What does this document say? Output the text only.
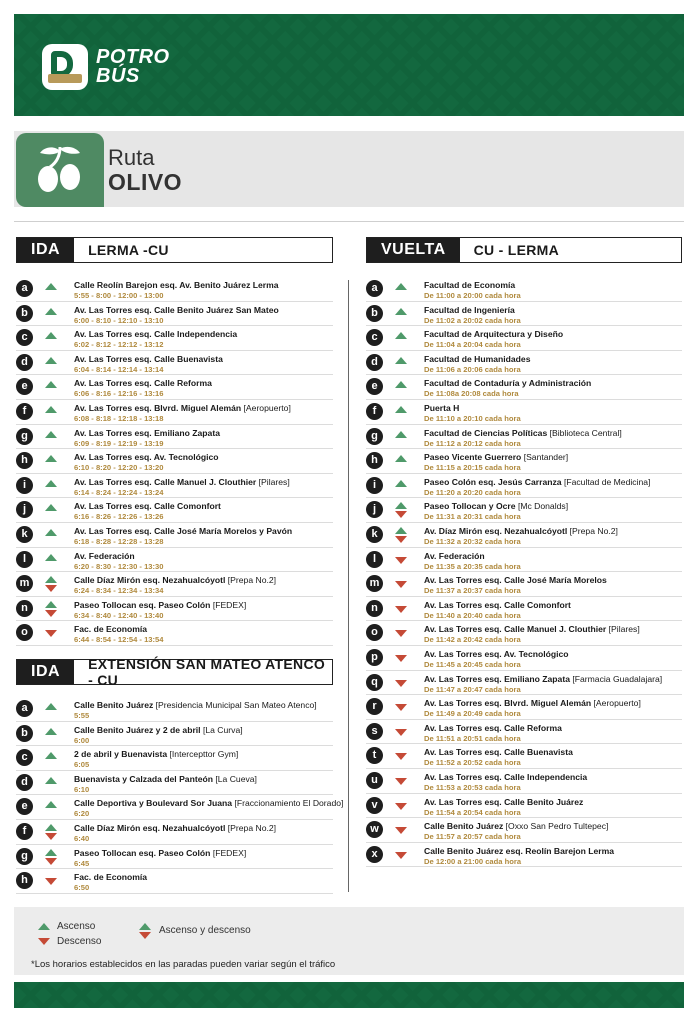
POTRO
BÚS
Ruta
OLIVO
IDA	LERMA -CU
a	Calle Reolín Barejon esq. Av. Benito Juárez Lerma
5:55 - 8:00 - 12:00 - 13:00
b	Av. Las Torres esq. Calle Benito Juárez San Mateo
6:00 - 8:10 - 12:10 - 13:10
c	Av. Las Torres esq. Calle Independencia
6:02 - 8:12 - 12:12 - 13:12
d	Av. Las Torres esq. Calle Buenavista
6:04 - 8:14 - 12:14 - 13:14
e	Av. Las Torres esq. Calle Reforma
6:06 - 8:16 - 12:16 - 13:16
f	Av. Las Torres esq. Blvrd. Miguel Alemán [Aeropuerto]
6:08 - 8:18 - 12:18 - 13:18
g	Av. Las Torres esq. Emiliano Zapata
6:09 - 8:19 - 12:19 - 13:19
h	Av. Las Torres esq. Av. Tecnológico
6:10 - 8:20 - 12:20 - 13:20
i	Av. Las Torres esq. Calle Manuel J. Clouthier [Pilares]
6:14 - 8:24 - 12:24 - 13:24
j	Av. Las Torres esq. Calle Comonfort
6:16 - 8:26 - 12:26 - 13:26
k	Av. Las Torres esq. Calle José María Morelos y Pavón
6:18 - 8:28 - 12:28 - 13:28
l	Av. Federación
6:20 - 8:30 - 12:30 - 13:30
m	Calle Díaz Mirón esq. Nezahualcóyotl [Prepa No.2]
6:24 - 8:34 - 12:34 - 13:34
n	Paseo Tollocan esq. Paseo Colón [FEDEX]
6:34 - 8:40 - 12:40 - 13:40
o	Fac. de Economía
6:44 - 8:54 - 12:54 - 13:54
IDA	EXTENSIÓN SAN MATEO ATENCO - CU
a	Calle Benito Juárez [Presidencia Municipal San Mateo Atenco]
5:55
b	Calle Benito Juárez y 2 de abril [La Curva]
6:00
c	2 de abril y Buenavista [Intercepttor Gym]
6:05
d	Buenavista y Calzada del Panteón [La Cueva]
6:10
e	Calle Deportiva y Boulevard Sor Juana [Fraccionamiento El Dorado]
6:20
f	Calle Díaz Mirón esq. Nezahualcóyotl [Prepa No.2]
6:40
g	Paseo Tollocan esq. Paseo Colón [FEDEX]
6:45
h	Fac. de Economía
6:50
VUELTA	CU - LERMA
a	Facultad de Economía
De 11:00 a 20:00 cada hora
b	Facultad de Ingeniería
De 11:02 a 20:02 cada hora
c	Facultad de Arquitectura y Diseño
De 11:04 a 20:04 cada hora
d	Facultad de Humanidades
De 11:06 a 20:06 cada hora
e	Facultad de Contaduría y Administración
De 11:08a 20:08 cada hora
f	Puerta H
De 11:10 a 20:10 cada hora
g	Facultad de Ciencias Políticas [Biblioteca Central]
De 11:12 a 20:12 cada hora
h	Paseo Vicente Guerrero [Santander]
De 11:15 a 20:15 cada hora
i	Paseo Colón esq. Jesús Carranza [Facultad de Medicina]
De 11:20 a 20:20 cada hora
j	Paseo Tollocan y Ocre [Mc Donalds]
De 11:31 a 20:31 cada hora
k	Av. Díaz Mirón esq. Nezahualcóyotl [Prepa No.2]
De 11:32 a 20:32 cada hora
l	Av. Federación
De 11:35 a 20:35 cada hora
m	Av. Las Torres esq. Calle José María Morelos
De 11:37 a 20:37 cada hora
n	Av. Las Torres esq. Calle Comonfort
De 11:40 a 20:40 cada hora
o	Av. Las Torres esq. Calle Manuel J. Clouthier [Pilares]
De 11:42 a 20:42 cada hora
p	Av. Las Torres esq. Av. Tecnológico
De 11:45 a 20:45 cada hora
q	Av. Las Torres esq. Emiliano Zapata [Farmacia Guadalajara]
De 11:47 a 20:47 cada hora
r	Av. Las Torres esq. Blvrd. Miguel Alemán [Aeropuerto]
De 11:49 a 20:49 cada hora
s	Av. Las Torres esq. Calle Reforma
De 11:51 a 20:51 cada hora
t	Av. Las Torres esq. Calle Buenavista
De 11:52 a 20:52 cada hora
u	Av. Las Torres esq. Calle Independencia
De 11:53 a 20:53 cada hora
v	Av. Las Torres esq. Calle Benito Juárez
De 11:54 a 20:54 cada hora
w	Calle Benito Juárez [Oxxo San Pedro Tultepec]
De 11:57 a 20:57 cada hora
x	Calle Benito Juárez esq. Reolín Barejon Lerma
De 12:00 a 21:00 cada hora
Ascenso
Descenso
Ascenso y descenso
*Los horarios establecidos en las paradas pueden variar según el tráfico
